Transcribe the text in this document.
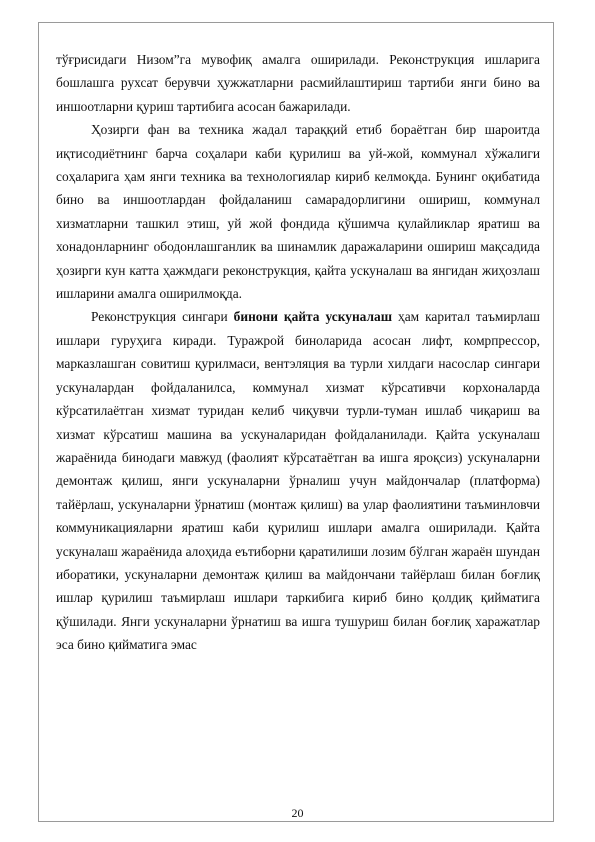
тўғрисидаги Низом”га мувофиқ амалга оширилади. Реконструкция ишларига бошлашга рухсат берувчи ҳужжатларни расмийлаштириш тартиби янги бино ва иншоотларни қуриш тартибига асосан бажарилади.

Ҳозирги фан ва техника жадал тараққий етиб бораётган бир шароитда иқтисодиётнинг барча соҳалари каби қурилиш ва уй-жой, коммунал хўжалиги соҳаларига ҳам янги техника ва технологиялар кириб келмоқда. Бунинг оқибатида бино ва иншоотлардан фойдаланиш самарадорлигини ошириш, коммунал хизматларни ташкил этиш, уй жой фондида қўшимча қулайликлар яратиш ва хонадонларнинг ободонлашганлик ва шинамлик даражаларини ошириш мақсадида ҳозирги кун катта ҳажмдаги реконструкция, қайта ускуналаш ва янгидан жиҳозлаш ишларини амалга оширилмоқда.

Реконструкция сингари бинони қайта ускуналаш ҳам каритал таъмирлаш ишлари гуруҳига киради. Туражрой биноларида асосан лифт, комрпрессор, марказлашган совитиш қурилмаси, вентэляция ва турли хилдаги насослар сингари ускуналардан фойдаланилса, коммунал хизмат кўрсативчи корхоналарда кўрсатилаётган хизмат туридан келиб чиқувчи турли-туман ишлаб чиқариш ва хизмат кўрсатиш машина ва ускуналаридан фойдаланилади. Қайта ускуналаш жараёнида бинодаги мавжуд (фаолият кўрсатаётган ва ишга яроқсиз) ускуналарни демонтаж қилиш, янги ускуналарни ўрналиш учун майдончалар (платформа) тайёрлаш, ускуналарни ўрнатиш (монтаж қилиш) ва улар фаолиятини таъминловчи коммуникацияларни яратиш каби қурилиш ишлари амалга оширилади. Қайта ускуналаш жараёнида алоҳида еътиборни қаратилиши лозим бўлган жараён шундан иборатики, ускуналарни демонтаж қилиш ва майдончани тайёрлаш билан боғлиқ ишлар қурилиш таъмирлаш ишлари таркибига кириб бино қолдиқ қийматига қўшилади. Янги ускуналарни ўрнатиш ва ишга тушуриш билан боғлиқ харажатлар эса бино қийматига эмас

20
